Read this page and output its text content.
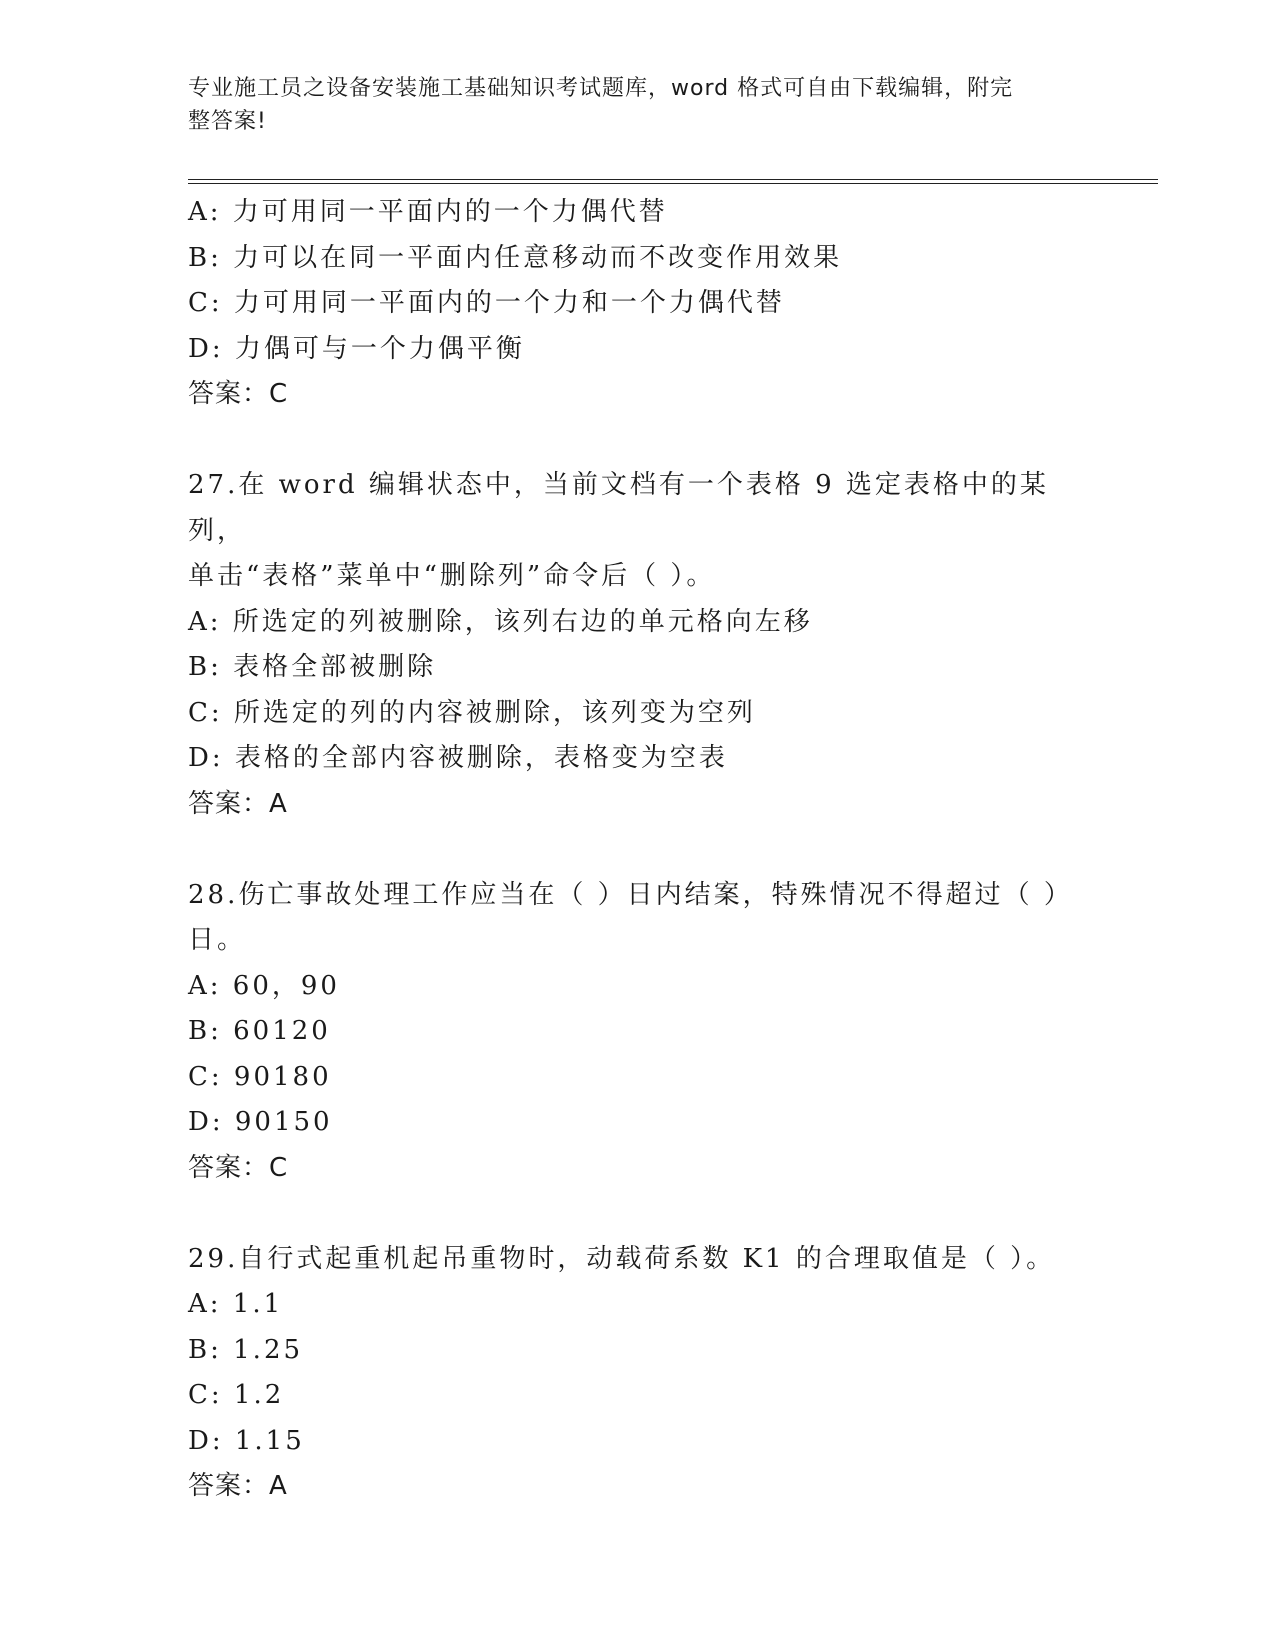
专业施工员之设备安装施工基础知识考试题库，word 格式可自由下载编辑，附完
整答案!

A: 力可用同一平面内的一个力偶代替

B: 力可以在同一平面内任意移动而不改变作用效果

C: 力可用同一平面内的一个力和一个力偶代替

D: 力偶可与一个力偶平衡

答案：C

27.在 word 编辑状态中，当前文档有一个表格 9 选定表格中的某列，

单击“表格”菜单中“删除列”命令后（ ）。

A: 所选定的列被删除，该列右边的单元格向左移

B: 表格全部被删除

C: 所选定的列的内容被删除，该列变为空列

D: 表格的全部内容被删除，表格变为空表

答案：A

28.伤亡事故处理工作应当在（ ）日内结案，特殊情况不得超过（ ）

日。

A: 60，90

B: 60120

C: 90180

D: 90150

答案：C

29.自行式起重机起吊重物时，动载荷系数 K1 的合理取值是（ ）。

A: 1.1

B: 1.25

C: 1.2

D: 1.15

答案：A
